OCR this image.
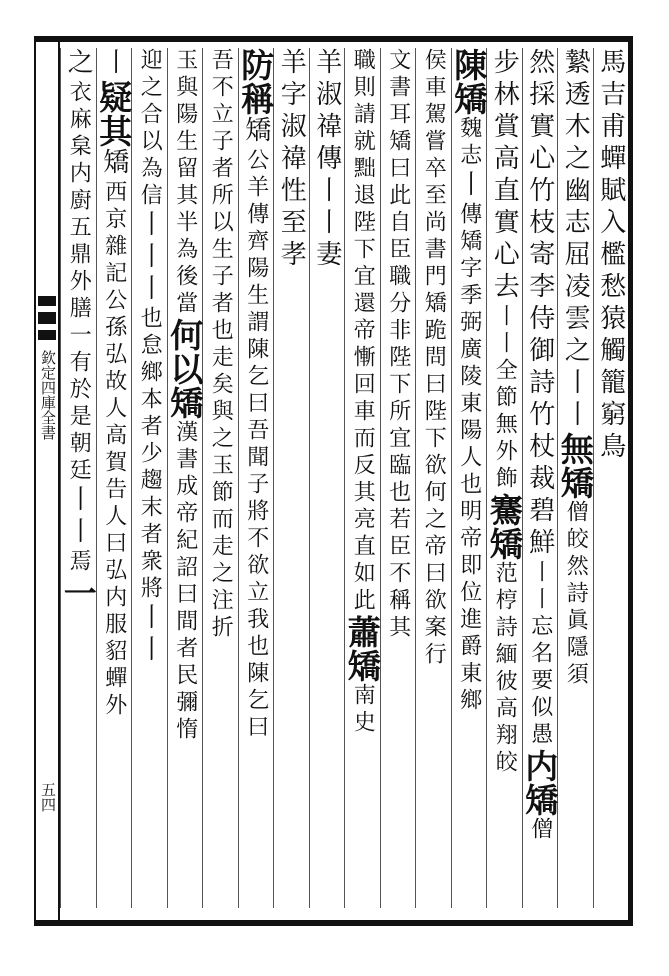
欽定四庫全書
五四
馬吉甫蟬賦入檻愁猿觸籠窮鳥
縶透木之幽志屈凌雲之
丨丨
無
矯
僧皎然詩眞隱須
然採實心竹枝寄李侍御詩竹杖裁碧鮮
丨丨忘名要似愚
内
矯
僧
步林賞高直實心去
丨丨全節無外飾
騫
矯
范梈詩緬彼高翔
皎
陳
矯
魏志
丨
傳矯字季弼廣陵東陽人也明帝即位進爵東鄉
侯車駕嘗卒至尚書門矯跪問曰陛下欲何之帝曰欲案行
文書耳矯曰此自臣職分非陛下所宜臨也若臣不稱其
職則請就黜退陛下宜還帝慚回車而反其亮直如此
蕭
矯
南史
羊淑禕傳
丨丨
妻
羊字淑禕性至孝
防
稱
矯
公羊傳齊陽生謂陳乞曰吾聞子將不欲立我也陳乞曰
吾不立子者所以生子者也走矣與之玉節而走之注折
玉與陽生留其半為後當
何
以
矯
漢書成帝紀詔曰間者民彌惰
迎之合以為信
丨丨丨
也
怠鄉本者少趨末者衆將
丨丨
丨
疑
其
矯
西京雜記公孫弘故人高賀告人曰弘内服貂蟬外
之
衣麻枲内廚五鼎外膳一有於是朝廷
丨丨
焉
一
